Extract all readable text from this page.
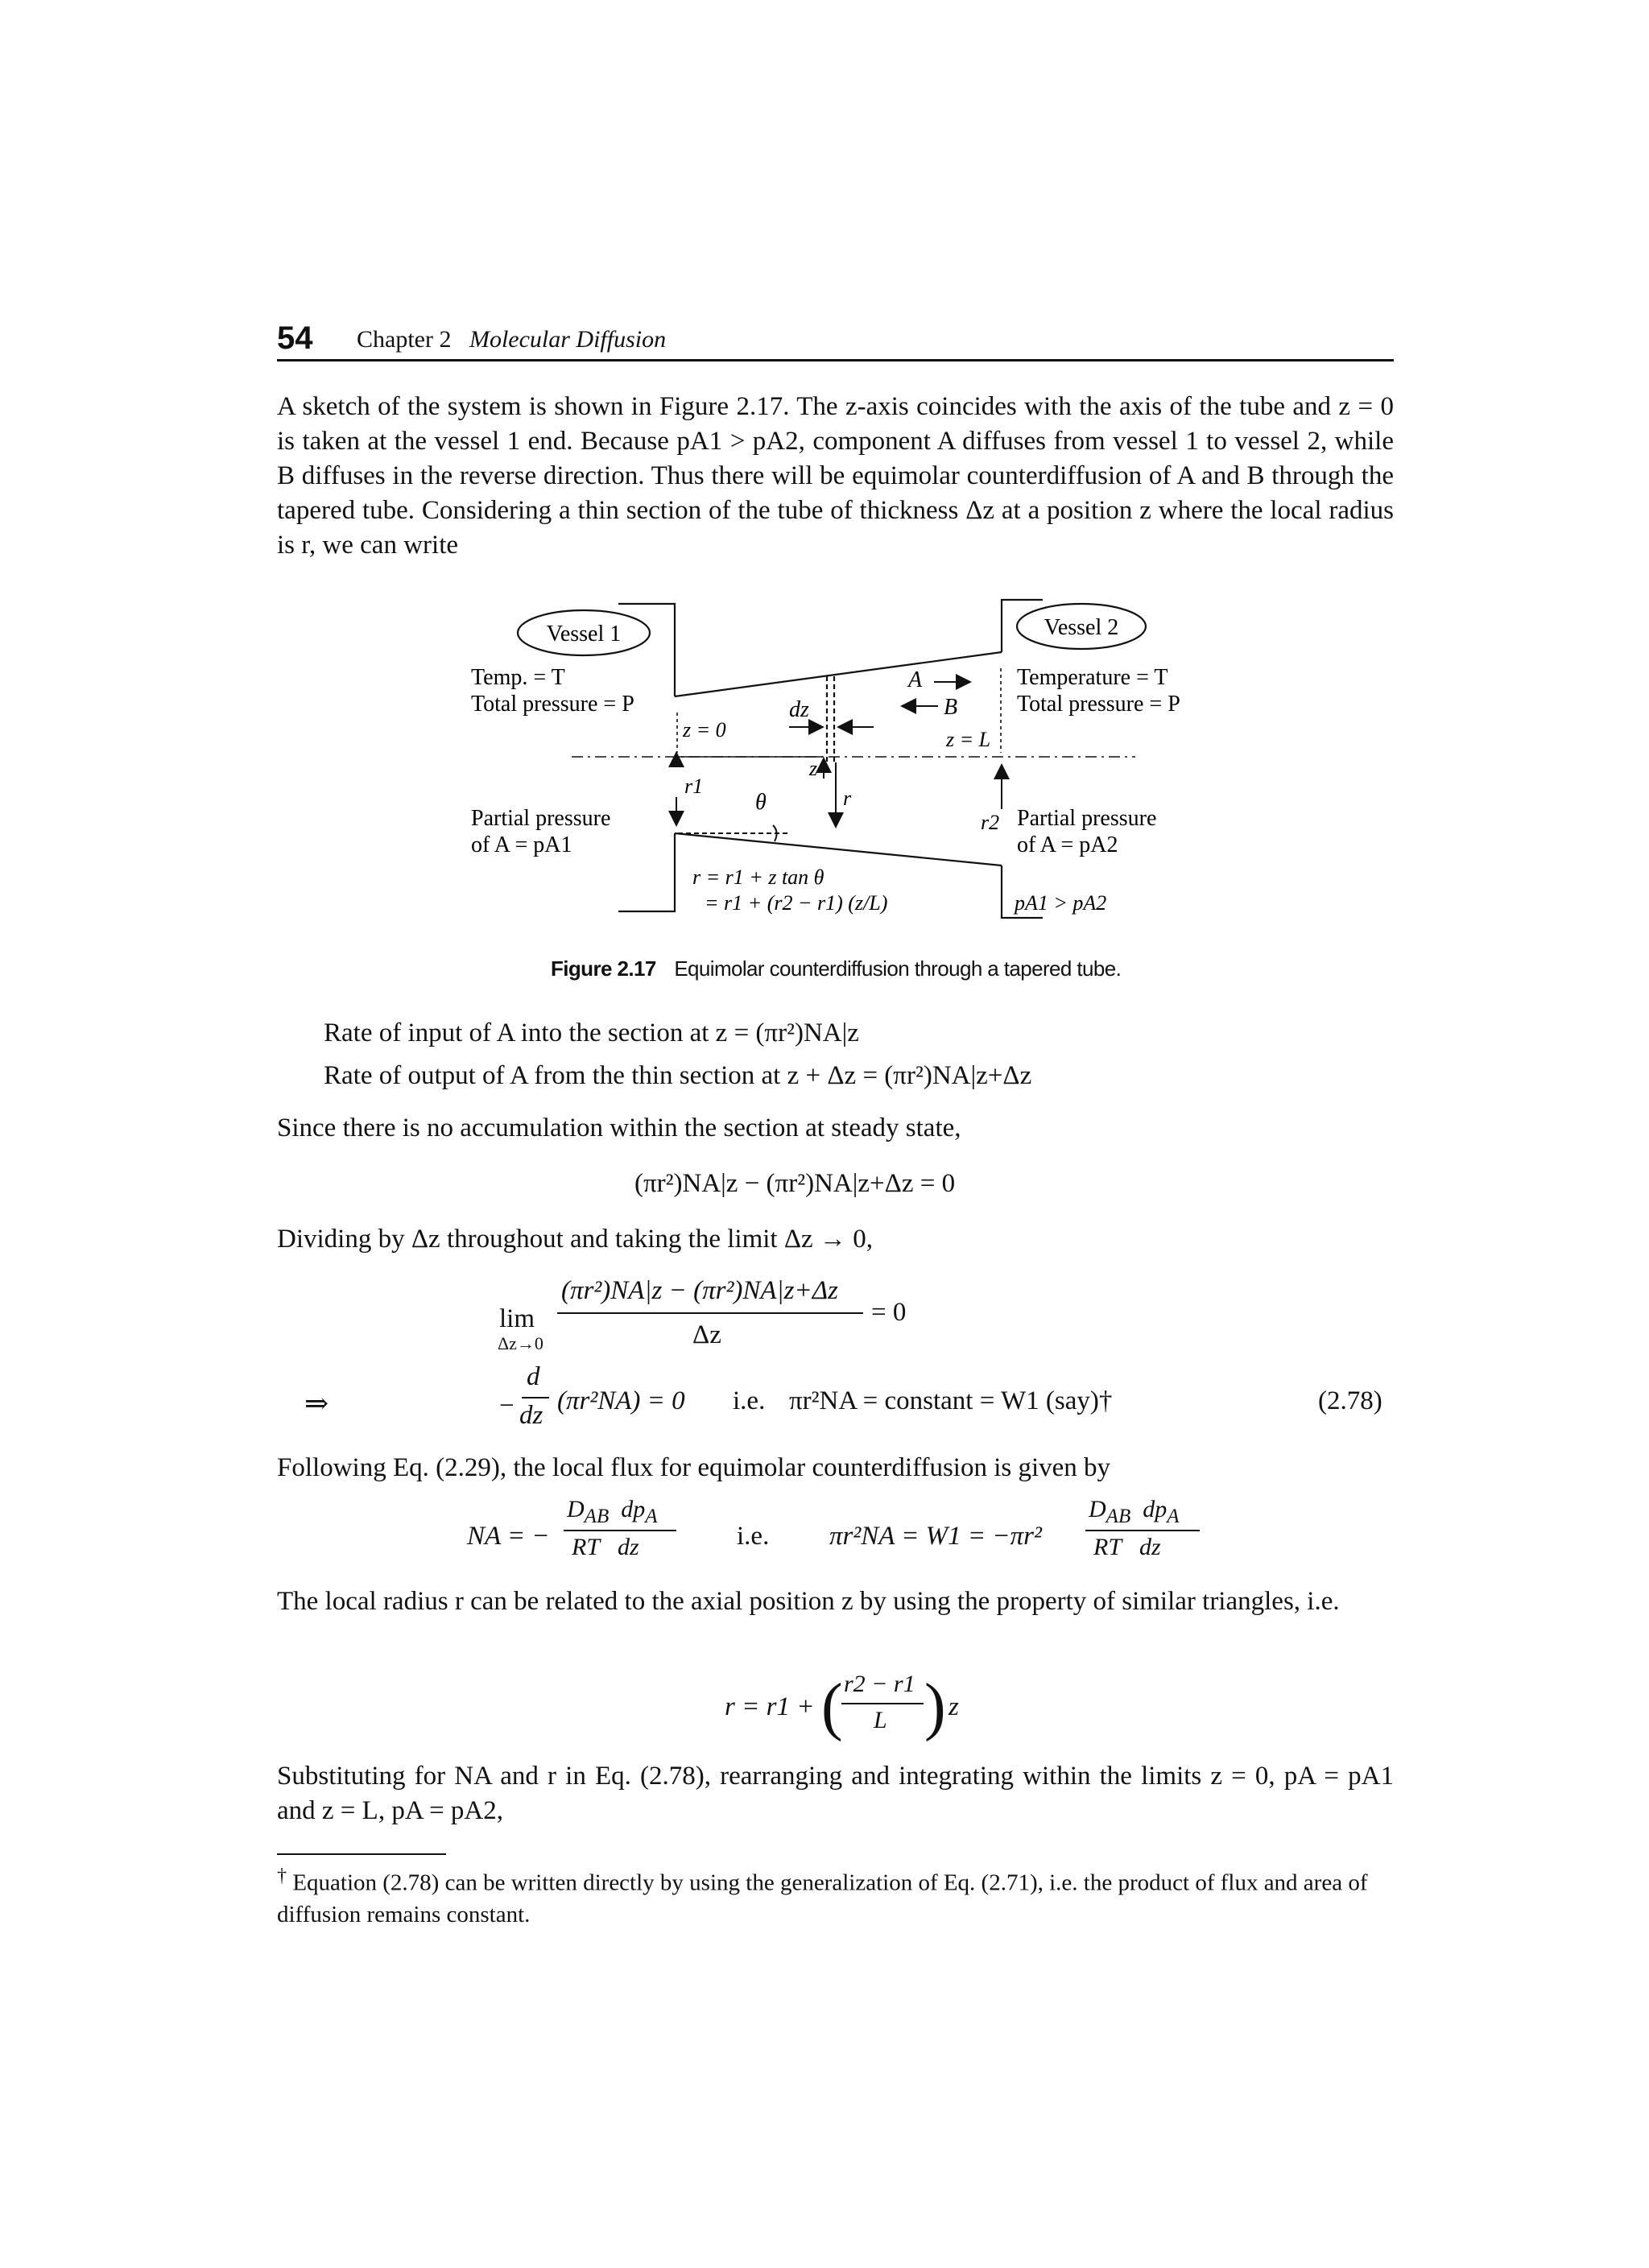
54 Chapter 2 Molecular Diffusion

A sketch of the system is shown in Figure 2.17. The z-axis coincides with the axis of the tube and z = 0 is taken at the vessel 1 end. Because pA1 > pA2, component A diffuses from vessel 1 to vessel 2, while B diffuses in the reverse direction. Thus there will be equimolar counterdiffusion of A and B through the tapered tube. Considering a thin section of the tube of thickness Δz at a position z where the local radius is r, we can write

Vessel 1	Vessel 2
Temp. = T
Total pressure = P
Partial pressure
of A = pA1
Temperature = T
Total pressure = P
Partial pressure
of A = pA2
pA1 > pA2
z = 0	z = L
dz
z
r
r1
r2
θ
A
B
r = r1 + z tan θ
= r1 + (r2 − r1) (z/L)
Figure 2.17 Equimolar counterdiffusion through a tapered tube.
Rate of input of A into the section at z = (πr²)NA|z
Rate of output of A from the thin section at z + Δz = (πr²)NA|z+Δz
Since there is no accumulation within the section at steady state,
(πr²)NA|z − (πr²)NA|z+Δz = 0
Dividing by Δz throughout and taking the limit Δz → 0,
lim
Δz→0
(πr²)NA|z − (πr²)NA|z+Δz
Δz
= 0
⇒	−
d
dz (πr²NA) = 0 i.e. πr²NA = constant = W1 (say)†	(2.78)
Following Eq. (2.29), the local flux for equimolar counterdiffusion is given by
NA = −
$D_{AB}$  $dp_A$
RT   dz	i.e. πr²NA = W1 = −πr²
$D_{AB}$  $dp_A$
RT   dz

The local radius r can be related to the axial position z by using the property of similar triangles, i.e.

r = r1 + ( r2 − r1
L ) z

Substituting for NA and r in Eq. (2.78), rearranging and integrating within the limits z = 0, pA = pA1 and z = L, pA = pA2,

† Equation (2.78) can be written directly by using the generalization of Eq. (2.71), i.e. the product of flux and area of diffusion remains constant.
